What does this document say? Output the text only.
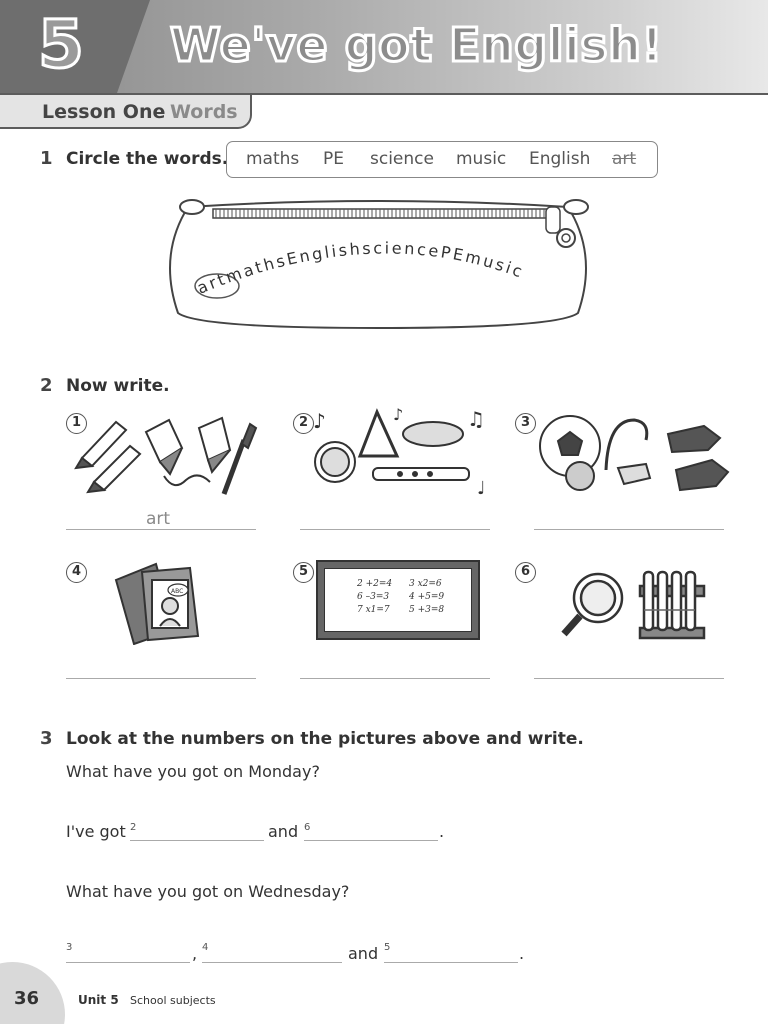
5 We've got English!
Lesson One Words
1 Circle the words. maths PE science music English art
artmathsEnglishsciencePEmusic
2 Now write.
1
art
2 ♪	♪	♫
♩
3
4
ABC
5
2 +2=4 3 x2=6
6 –3=3 4 +5=9
7 x1=7 5 +3=8
6
3 Look at the numbers on the pictures above and write.
What have you got on Monday?
I've got 2	and 6	.
What have you got on Wednesday?
3	, 4	and 5	.
36	Unit 5 School subjects
